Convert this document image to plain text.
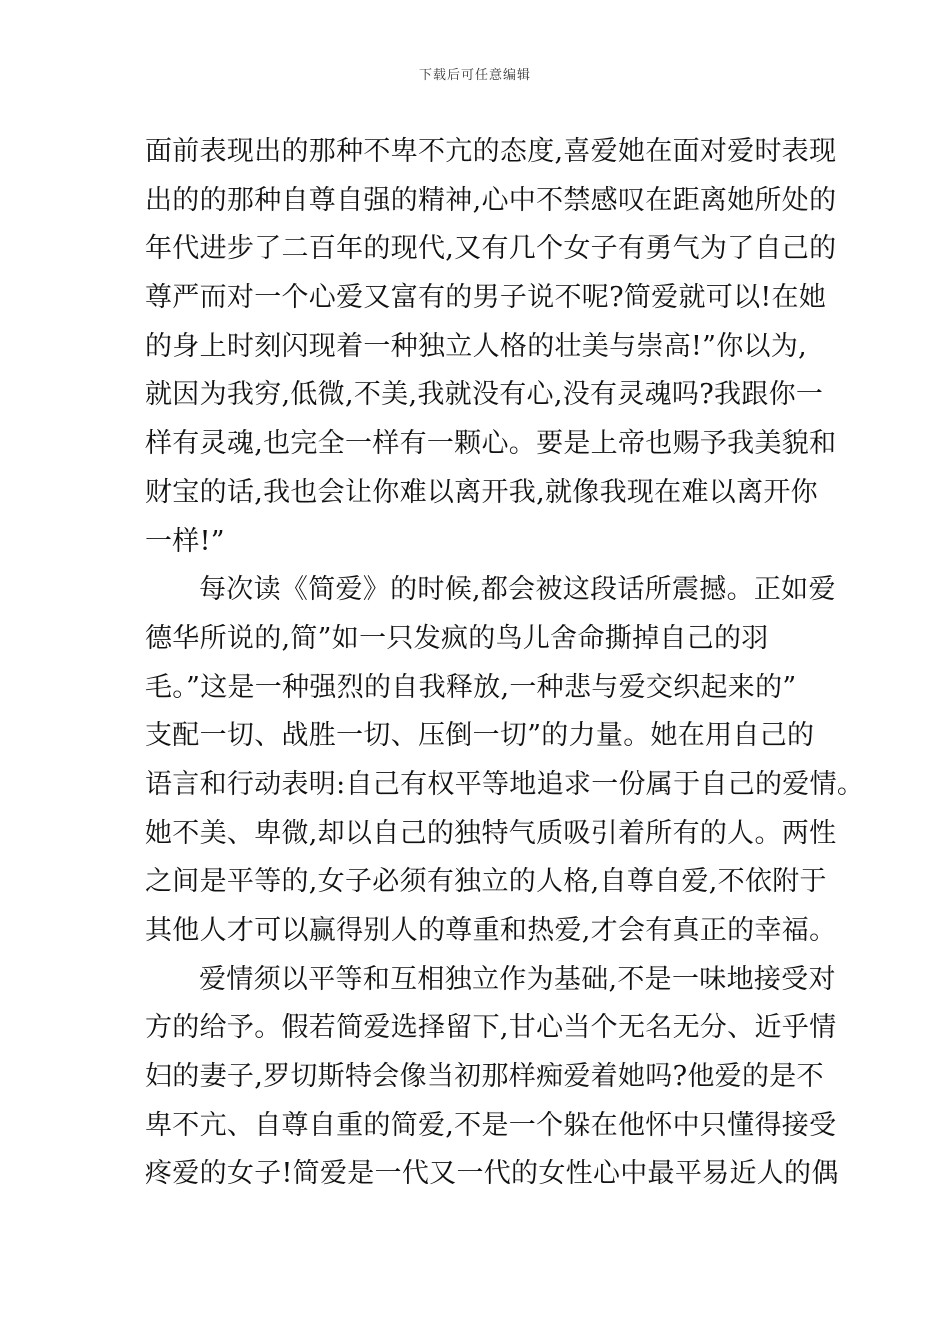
下载后可任意编辑
面前表现出的那种不卑不亢的态度,喜爱她在面对爱时表现
出的的那种自尊自强的精神,心中不禁感叹在距离她所处的
年代进步了二百年的现代,又有几个女子有勇气为了自己的
尊严而对一个心爱又富有的男子说不呢?简爱就可以!在她
的身上时刻闪现着一种独立人格的壮美与崇高!”你以为,
就因为我穷,低微,不美,我就没有心,没有灵魂吗?我跟你一
样有灵魂,也完全一样有一颗心。要是上帝也赐予我美貌和
财宝的话,我也会让你难以离开我,就像我现在难以离开你
一样!”
每次读《简爱》的时候,都会被这段话所震撼。正如爱
德华所说的,简”如一只发疯的鸟儿舍命撕掉自己的羽
毛。”这是一种强烈的自我释放,一种悲与爱交织起来的”
支配一切、战胜一切、压倒一切”的力量。她在用自己的
语言和行动表明:自己有权平等地追求一份属于自己的爱情。
她不美、卑微,却以自己的独特气质吸引着所有的人。两性
之间是平等的,女子必须有独立的人格,自尊自爱,不依附于
其他人才可以赢得别人的尊重和热爱,才会有真正的幸福。
爱情须以平等和互相独立作为基础,不是一味地接受对
方的给予。假若简爱选择留下,甘心当个无名无分、近乎情
妇的妻子,罗切斯特会像当初那样痴爱着她吗?他爱的是不
卑不亢、自尊自重的简爱,不是一个躲在他怀中只懂得接受
疼爱的女子!简爱是一代又一代的女性心中最平易近人的偶
